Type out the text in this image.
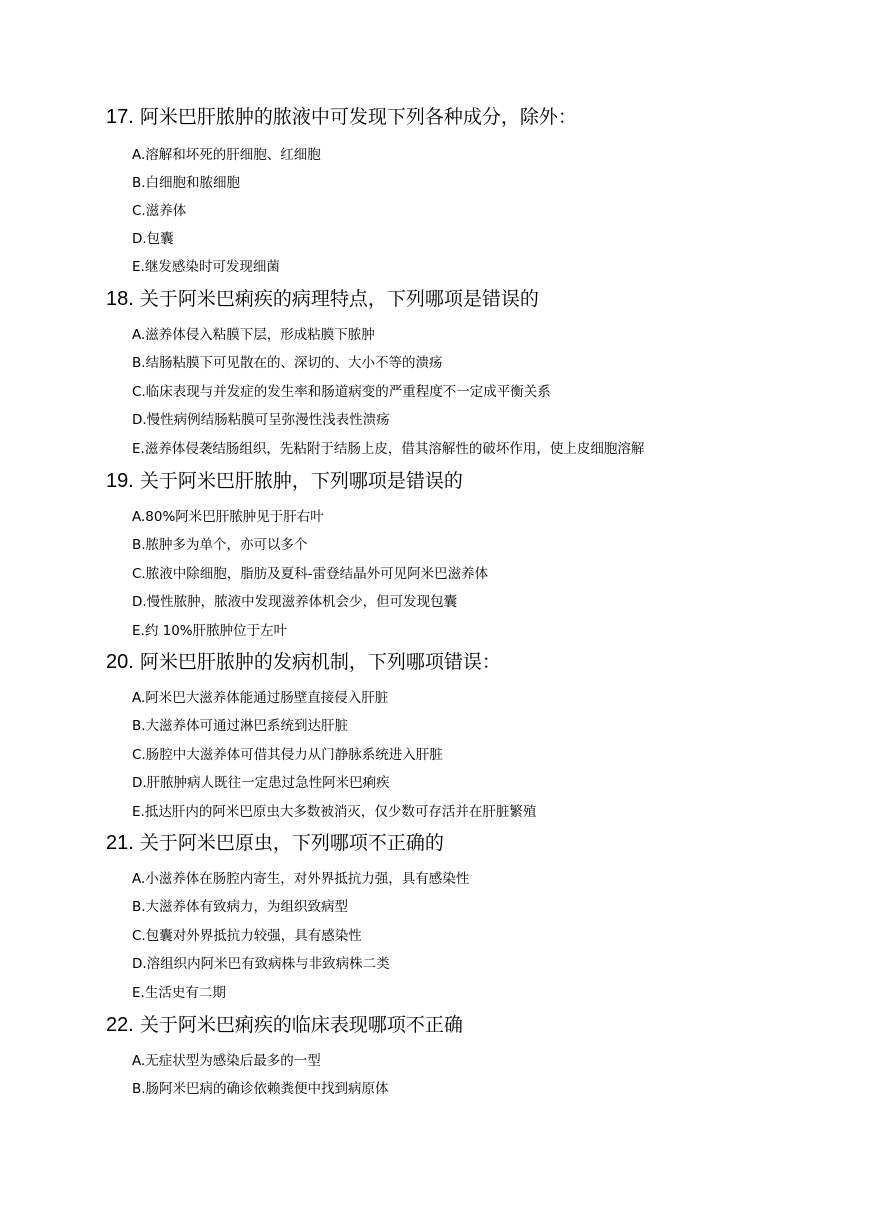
17. 阿米巴肝脓肿的脓液中可发现下列各种成分，除外：
A.溶解和坏死的肝细胞、红细胞
B.白细胞和脓细胞
C.滋养体
D.包囊
E.继发感染时可发现细菌
18. 关于阿米巴痢疾的病理特点，下列哪项是错误的
A.滋养体侵入粘膜下层，形成粘膜下脓肿
B.结肠粘膜下可见散在的、深切的、大小不等的溃疡
C.临床表现与并发症的发生率和肠道病变的严重程度不一定成平衡关系
D.慢性病例结肠粘膜可呈弥漫性浅表性溃疡
E.滋养体侵袭结肠组织，先粘附于结肠上皮，借其溶解性的破坏作用，使上皮细胞溶解
19. 关于阿米巴肝脓肿，下列哪项是错误的
A.80%阿米巴肝脓肿见于肝右叶
B.脓肿多为单个，亦可以多个
C.脓液中除细胞，脂肪及夏科-雷登结晶外可见阿米巴滋养体
D.慢性脓肿，脓液中发现滋养体机会少，但可发现包囊
E.约 10%肝脓肿位于左叶
20. 阿米巴肝脓肿的发病机制，下列哪项错误：
A.阿米巴大滋养体能通过肠壁直接侵入肝脏
B.大滋养体可通过淋巴系统到达肝脏
C.肠腔中大滋养体可借其侵力从门静脉系统进入肝脏
D.肝脓肿病人既往一定患过急性阿米巴痢疾
E.抵达肝内的阿米巴原虫大多数被消灭，仅少数可存活并在肝脏繁殖
21. 关于阿米巴原虫，下列哪项不正确的
A.小滋养体在肠腔内寄生，对外界抵抗力强，具有感染性
B.大滋养体有致病力，为组织致病型
C.包囊对外界抵抗力较强，具有感染性
D.溶组织内阿米巴有致病株与非致病株二类
E.生活史有二期
22. 关于阿米巴痢疾的临床表现哪项不正确
A.无症状型为感染后最多的一型
B.肠阿米巴病的确诊依赖粪便中找到病原体
